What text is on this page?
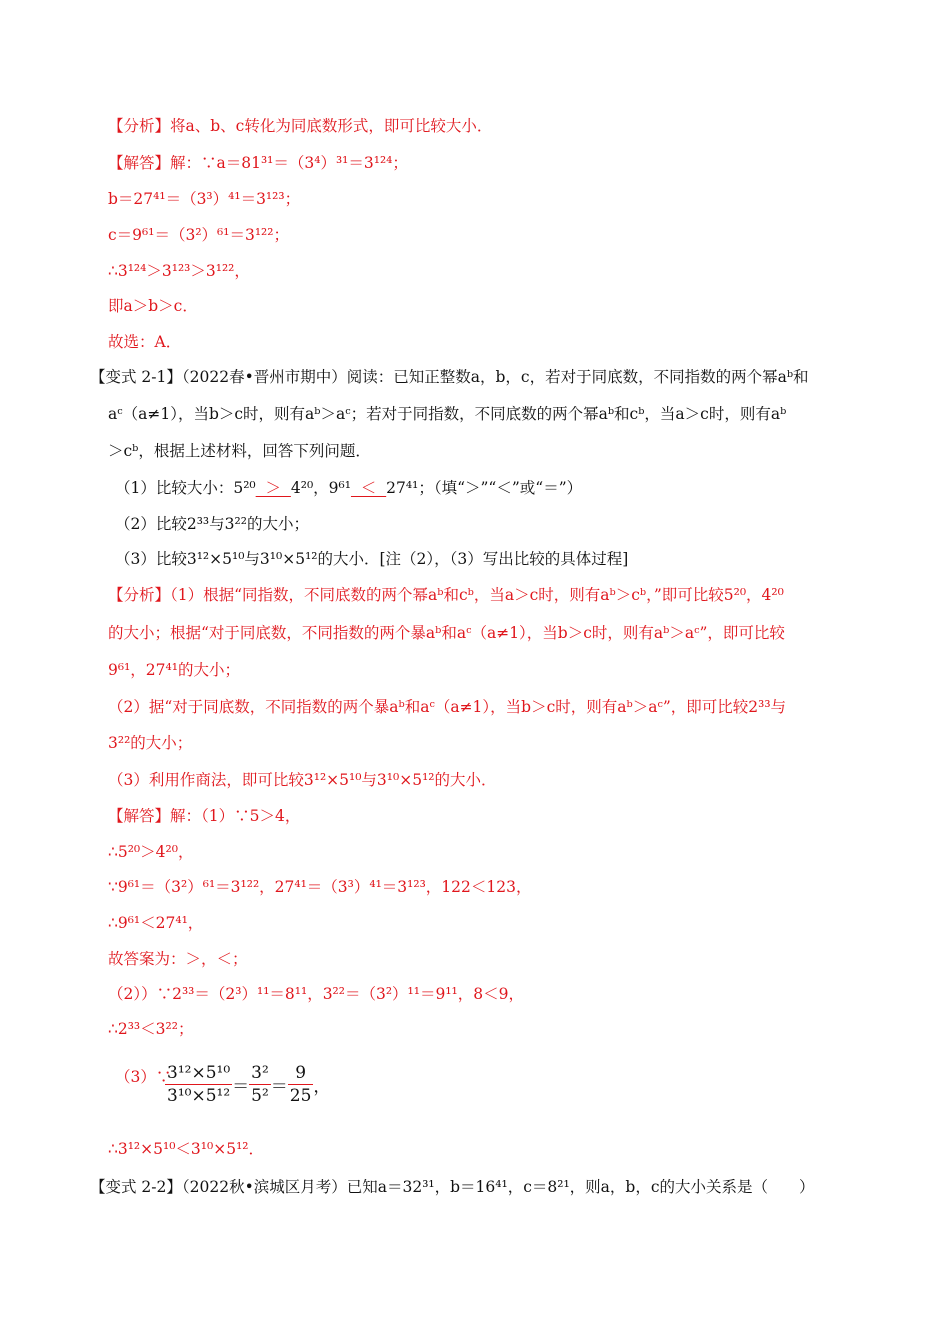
【分析】将a、b、c转化为同底数形式，即可比较大小．
【解答】解：∵a＝81³¹＝（3⁴）³¹＝3¹²⁴；
b＝27⁴¹＝（3³）⁴¹＝3¹²³；
c＝9⁶¹＝（3²）⁶¹＝3¹²²；
∴3¹²⁴＞3¹²³＞3¹²²，
即a＞b＞c．
故选：A．
【变式 2-1】（2022春•晋州市期中）阅读：已知正整数a，b，c，若对于同底数，不同指数的两个幂aᵇ和
aᶜ（a≠1），当b＞c时，则有aᵇ＞aᶜ；若对于同指数，不同底数的两个幂aᵇ和cᵇ，当a＞c时，则有aᵇ
＞cᵇ，根据上述材料，回答下列问题．
（1）比较大小：5²⁰  ＞  4²⁰，9⁶¹  ＜  27⁴¹；（填“＞”“＜”或“＝”）
（2）比较2³³与3²²的大小；
（3）比较3¹²×5¹⁰与3¹⁰×5¹²的大小．[注（2），（3）写出比较的具体过程]
【分析】（1）根据“同指数，不同底数的两个幂aᵇ和cᵇ，当a＞c时，则有aᵇ＞cᵇ，”即可比较5²⁰，4²⁰
的大小；根据“对于同底数，不同指数的两个暴aᵇ和aᶜ（a≠1），当b＞c时，则有aᵇ＞aᶜ”，即可比较
9⁶¹，27⁴¹的大小；
（2）据“对于同底数，不同指数的两个暴aᵇ和aᶜ（a≠1），当b＞c时，则有aᵇ＞aᶜ”，即可比较2³³与
3²²的大小；
（3）利用作商法，即可比较3¹²×5¹⁰与3¹⁰×5¹²的大小．
【解答】解：（1）∵5＞4，
∴5²⁰＞4²⁰，
∵9⁶¹＝（3²）⁶¹＝3¹²²，27⁴¹＝（3³）⁴¹＝3¹²³，122＜123，
∴9⁶¹＜27⁴¹，
故答案为：＞，＜；
（2））∵2³³＝（2³）¹¹＝8¹¹，3²²＝（3²）¹¹＝9¹¹，8＜9，
∴2³³＜3²²；
（3）∵
$\frac{\text{3¹²×5¹⁰}}{\text{3¹⁰×5¹²}} = \frac{\text{3²}}{\text{5²}} = \frac{9}{25}$ ，
∴3¹²×5¹⁰＜3¹⁰×5¹²．
【变式 2-2】（2022秋•滨城区月考）已知a＝32³¹，b＝16⁴¹，c＝8²¹，则a，b，c的大小关系是（　　）
